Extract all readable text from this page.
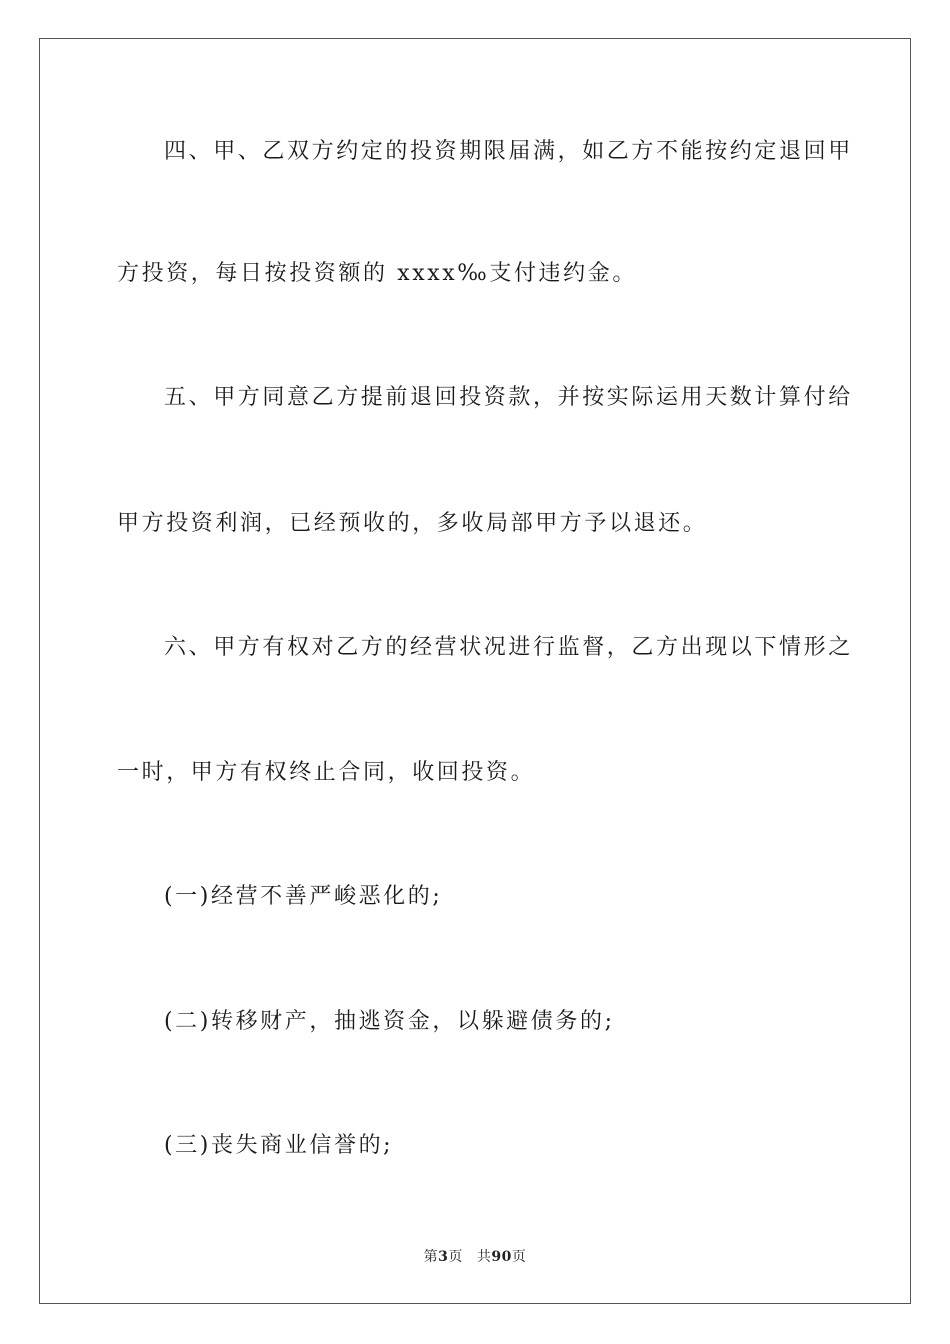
四、甲、乙双方约定的投资期限届满，如乙方不能按约定退回甲
方投资，每日按投资额的 xxxx‰支付违约金。
五、甲方同意乙方提前退回投资款，并按实际运用天数计算付给
甲方投资利润，已经预收的，多收局部甲方予以退还。
六、甲方有权对乙方的经营状况进行监督，乙方出现以下情形之
一时，甲方有权终止合同，收回投资。
(一)经营不善严峻恶化的;
(二)转移财产，抽逃资金，以躲避债务的;
(三)丧失商业信誉的;
第3页 共90页
